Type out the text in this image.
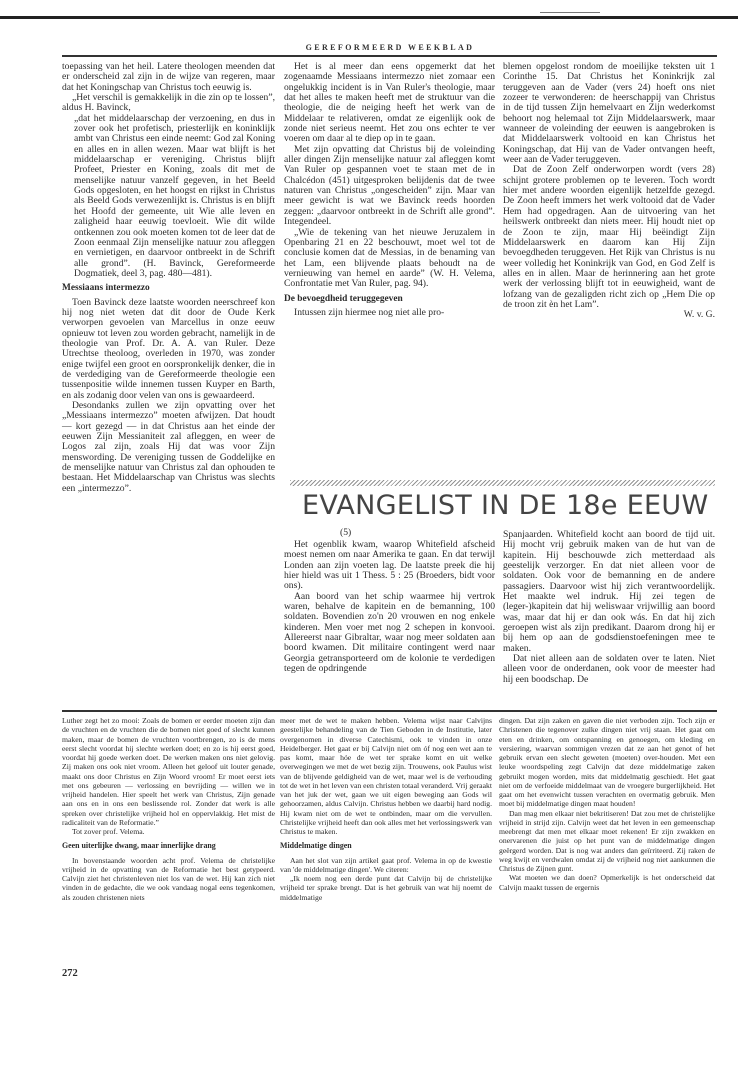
GEREFORMEERD WEEKBLAD

toepassing van het heil. Latere theologen meenden dat er onderscheid zal zijn in de wijze van regeren, maar dat het Koningschap van Christus toch eeuwig is.

„Het verschil is gemakkelijk in die zin op te lossen”, aldus H. Bavinck,

„dat het middelaarschap der verzoening, en dus in zover ook het profetisch, priesterlijk en koninklijk ambt van Christus een einde neemt: God zal Koning en alles en in allen wezen. Maar wat blijft is het middelaarschap er vereniging. Christus blijft Profeet, Priester en Koning, zoals dit met de menselijke natuur vanzelf gegeven, in het Beeld Gods opgesloten, en het hoogst en rijkst in Christus als Beeld Gods verwezenlijkt is. Christus is en blijft het Hoofd der gemeente, uit Wie alle leven en zaligheid haar eeuwig toevloeit. Wie dit wilde ontkennen zou ook moeten komen tot de leer dat de Zoon eenmaal Zijn menselijke natuur zou afleggen en vernietigen, en daarvoor ontbreekt in de Schrift alle grond”. (H. Bavinck, Gereformeerde Dogmatiek, deel 3, pag. 480—481).

Messiaans intermezzo

Toen Bavinck deze laatste woorden neerschreef kon hij nog niet weten dat dit door de Oude Kerk verworpen gevoelen van Marcellus in onze eeuw opnieuw tot leven zou worden gebracht, namelijk in de theologie van Prof. Dr. A. A. van Ruler. Deze Utrechtse theoloog, overleden in 1970, was zonder enige twijfel een groot en oorspronkelijk denker, die in de verdediging van de Gereformeerde theologie een tussenpositie wilde innemen tussen Kuyper en Barth, en als zodanig door velen van ons is gewaardeerd.

Desondanks zullen we zijn opvatting over het „Messiaans intermezzo” moeten afwijzen. Dat houdt — kort gezegd — in dat Christus aan het einde der eeuwen Zijn Messianiteit zal afleggen, en weer de Logos zal zijn, zoals Hij dat was voor Zijn menswording. De vereniging tussen de Goddelijke en de menselijke natuur van Christus zal dan ophouden te bestaan. Het Middelaarschap van Christus was slechts een „intermezzo”.

Het is al meer dan eens opgemerkt dat het zogenaamde Messiaans intermezzo niet zomaar een ongelukkig incident is in Van Ruler's theologie, maar dat het alles te maken heeft met de struktuur van die theologie, die de neiging heeft het werk van de Middelaar te relativeren, omdat ze eigenlijk ook de zonde niet serieus neemt. Het zou ons echter te ver voeren om daar al te diep op in te gaan.

Met zijn opvatting dat Christus bij de voleinding aller dingen Zijn menselijke natuur zal afleggen komt Van Ruler op gespannen voet te staan met de in Chalcédon (451) uitgesproken belijdenis dat de twee naturen van Christus „ongescheiden” zijn. Maar van meer gewicht is wat we Bavinck reeds hoorden zeggen: „daarvoor ontbreekt in de Schrift alle grond”. Integendeel.

„Wie de tekening van het nieuwe Jeruzalem in Openbaring 21 en 22 beschouwt, moet wel tot de conclusie komen dat de Messias, in de benaming van het Lam, een blijvende plaats behoudt na de vernieuwing van hemel en aarde” (W. H. Velema, Confrontatie met Van Ruler, pag. 94).

De bevoegdheid teruggegeven

Intussen zijn hiermee nog niet alle pro-

blemen opgelost rondom de moeilijke teksten uit 1 Corinthe 15. Dat Christus het Koninkrijk zal teruggeven aan de Vader (vers 24) hoeft ons niet zozeer te verwonderen: de heerschappij van Christus in de tijd tussen Zijn hemelvaart en Zijn wederkomst behoort nog helemaal tot Zijn Middelaarswerk, maar wanneer de voleinding der eeuwen is aangebroken is dat Middelaarswerk voltooid en kan Christus het Koningschap, dat Hij van de Vader ontvangen heeft, weer aan de Vader teruggeven.

Dat de Zoon Zelf onderworpen wordt (vers 28) schijnt grotere problemen op te leveren. Toch wordt hier met andere woorden eigenlijk hetzelfde gezegd. De Zoon heeft immers het werk voltooid dat de Vader Hem had opgedragen. Aan de uitvoering van het heilswerk ontbreekt dan niets meer. Hij houdt niet op de Zoon te zijn, maar Hij beëindigt Zijn Middelaarswerk en daarom kan Hij Zijn bevoegdheden teruggeven. Het Rijk van Christus is nu weer volledig het Koninkrijk van God, en God Zelf is alles en in allen. Maar de herinnering aan het grote werk der verlossing blijft tot in eeuwigheid, want de lofzang van de gezaligden richt zich op „Hem Die op de troon zit èn het Lam”.

W. v. G.

EVANGELIST IN DE 18e EEUW
(5)

Het ogenblik kwam, waarop Whitefield afscheid moest nemen om naar Amerika te gaan. En dat terwijl Londen aan zijn voeten lag. De laatste preek die hij hier hield was uit 1 Thess. 5 : 25 (Broeders, bidt voor ons).

Aan boord van het schip waarmee hij vertrok waren, behalve de kapitein en de bemanning, 100 soldaten. Bovendien zo'n 20 vrouwen en nog enkele kinderen. Men voer met nog 2 schepen in konvooi. Allereerst naar Gibraltar, waar nog meer soldaten aan boord kwamen. Dit militaire contingent werd naar Georgia getransporteerd om de kolonie te verdedigen tegen de opdringende

Spanjaarden. Whitefield kocht aan boord de tijd uit. Hij mocht vrij gebruik maken van de hut van de kapitein. Hij beschouwde zich metterdaad als geestelijk verzorger. En dat niet alleen voor de soldaten. Ook voor de bemanning en de andere passagiers. Daarvoor wist hij zich verantwoordelijk. Het maakte wel indruk. Hij zei tegen de (leger-)kapitein dat hij weliswaar vrijwillig aan boord was, maar dat hij er dan ook wás. En dat hij zich geroepen wist als zijn predikant. Daarom drong hij er bij hem op aan de godsdienstoefeningen mee te maken.

Dat niet alleen aan de soldaten over te laten. Niet alleen voor de onderdanen, ook voor de meester had hij een boodschap. De

Luther zegt het zo mooi: Zoals de bomen er eerder moeten zijn dan de vruchten en de vruchten die de bomen niet goed of slecht kunnen maken, maar de bomen de vruchten voortbrengen, zo is de mens eerst slecht voordat hij slechte werken doet; en zo is hij eerst goed, voordat hij goede werken doet. De werken maken ons niet gelovig. Zij maken ons ook niet vroom. Alleen het geloof uit louter genade, maakt ons door Christus en Zijn Woord vroom! Er moet eerst iets met ons gebeuren — verlossing en bevrijding — willen we in vrijheid handelen. Hier speelt het werk van Christus, Zijn genade aan ons en in ons een beslissende rol. Zonder dat werk is alle spreken over christelijke vrijheid hol en oppervlakkig. Het mist de radicaliteit van de Reformatie.”

Tot zover prof. Velema.

Geen uiterlijke dwang, maar innerlijke drang

In bovenstaande woorden acht prof. Velema de christelijke vrijheid in de opvatting van de Reformatie het best getypeerd. Calvijn ziet het christenleven niet los van de wet. Hij kan zich niet vinden in de gedachte, die we ook vandaag nogal eens tegenkomen, als zouden christenen niets

meer met de wet te maken hebben. Velema wijst naar Calvijns geestelijke behandeling van de Tien Geboden in de Institutie, later overgenomen in diverse Catechismi, ook te vinden in onze Heidelberger. Het gaat er bij Calvijn niet om óf nog een wet aan te pas komt, maar hóe de wet ter sprake komt en uit welke overwegingen we met de wet bezig zijn. Trouwens, ook Paulus wist van de blijvende geldigheid van de wet, maar wel is de verhouding tot de wet in het leven van een christen totaal veranderd. Vrij geraakt van het juk der wet, gaan we uit eigen beweging aan Gods wil gehoorzamen, aldus Calvijn. Christus hebben we daarbij hard nodig. Hij kwam niet om de wet te ontbinden, maar om die vervullen. Christelijke vrijheid heeft dan ook alles met het verlossingswerk van Christus te maken.

Middelmatige dingen

Aan het slot van zijn artikel gaat prof. Velema in op de kwestie van 'de middelmatige dingen'. We citeren:

„Ik noem nog een derde punt dat Calvijn bij de christelijke vrijheid ter sprake brengt. Dat is het gebruik van wat hij noemt de middelmatige

dingen. Dat zijn zaken en gaven die niet verboden zijn. Toch zijn er Christenen die tegenover zulke dingen niet vrij staan. Het gaat om eten en drinken, om ontspanning en genoegen, om kleding en versiering, waarvan sommigen vrezen dat ze aan het genot of het gebruik ervan een slecht geweten (moeten) over-houden. Met een leuke woordspeling zegt Calvijn dat deze middelmatige zaken gebruikt mogen worden, mits dat middelmatig geschiedt. Het gaat niet om de verfoeide middelmaat van de vroegere burgerlijkheid. Het gaat om het evenwicht tussen verachten en overmatig gebruik. Men moet bij middelmatige dingen maat houden!

Dan mag men elkaar niet bekritiseren! Dat zou met de christelijke vrijheid in strijd zijn. Calvijn weet dat het leven in een gemeenschap meebrengt dat men met elkaar moet rekenen! Er zijn zwakken en onervarenen die juist op het punt van de middelmatige dingen geërgerd worden. Dat is nog wat anders dan geïrriteerd. Zij raken de weg kwijt en verdwalen omdat zij de vrijheid nog niet aankunnen die Christus de Zijnen gunt.

Wat moeten we dan doen? Opmerkelijk is het onderscheid dat Calvijn maakt tussen de ergernis

272
